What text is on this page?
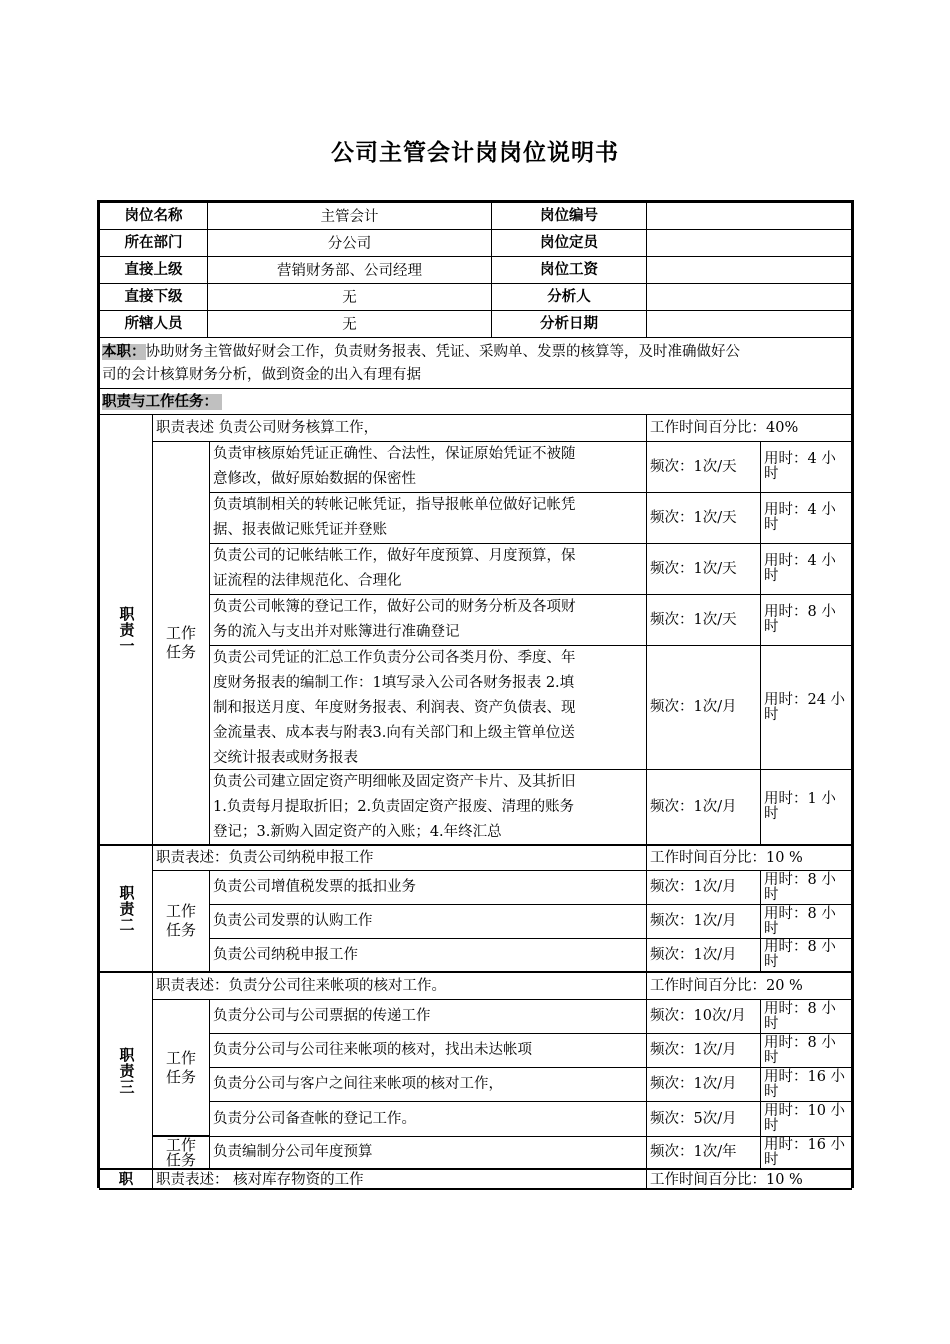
公司主管会计岗岗位说明书
岗位名称	主管会计	岗位编号
所在部门	分公司	岗位定员
直接上级	营销财务部、公司经理	岗位工资
直接下级	无	分析人
所辖人员	无	分析日期
本职：协助财务主管做好财会工作，负责财务报表、凭证、采购单、发票的核算等，及时准确做好公
司的会计核算财务分析，做到资金的出入有理有据
职责与工作任务：
职责一
职责表述 负责公司财务核算工作，	工作时间百分比：40%
工作任务
负责审核原始凭证正确性、合法性，保证原始凭证不被随
意修改，做好原始数据的保密性
频次：1次/天	用时：4 小时
负责填制相关的转帐记帐凭证，指导报帐单位做好记帐凭
据、报表做记账凭证并登账
频次：1次/天	用时：4 小时
负责公司的记帐结帐工作，做好年度预算、月度预算，保
证流程的法律规范化、合理化
频次：1次/天	用时：4 小时
负责公司帐簿的登记工作，做好公司的财务分析及各项财
务的流入与支出并对账簿进行准确登记
频次：1次/天	用时：8 小时
负责公司凭证的汇总工作负责分公司各类月份、季度、年
度财务报表的编制工作：1填写录入公司各财务报表 2.填
制和报送月度、年度财务报表、利润表、资产负债表、现
金流量表、成本表与附表3.向有关部门和上级主管单位送
交统计报表或财务报表
频次：1次/月	用时：24 小时
负责公司建立固定资产明细帐及固定资产卡片、及其折旧
1.负责每月提取折旧；2.负责固定资产报废、清理的账务
登记；3.新购入固定资产的入账；4.年终汇总
频次：1次/月	用时：1 小时
职责二
职责表述：负责公司纳税申报工作	工作时间百分比：10 %
工作任务
负责公司增值税发票的抵扣业务	频次：1次/月	用时：8 小时
负责公司发票的认购工作	频次：1次/月	用时：8 小时
负责公司纳税申报工作	频次：1次/月	用时：8 小时
职责三
职责表述：负责分公司往来帐项的核对工作。	工作时间百分比：20 %
工作任务
负责分公司与公司票据的传递工作	频次：10次/月	用时：8 小时
负责分公司与公司往来帐项的核对，找出未达帐项	频次：1次/月	用时：8 小时
负责分公司与客户之间往来帐项的核对工作，	频次：1次/月	用时：16 小时
负责分公司备查帐的登记工作。	频次：5次/月	用时：10 小时
工作任务 负责编制分公司年度预算	频次：1次/年	用时：16 小时
职	职责表述： 核对库存物资的工作	工作时间百分比：10 %
